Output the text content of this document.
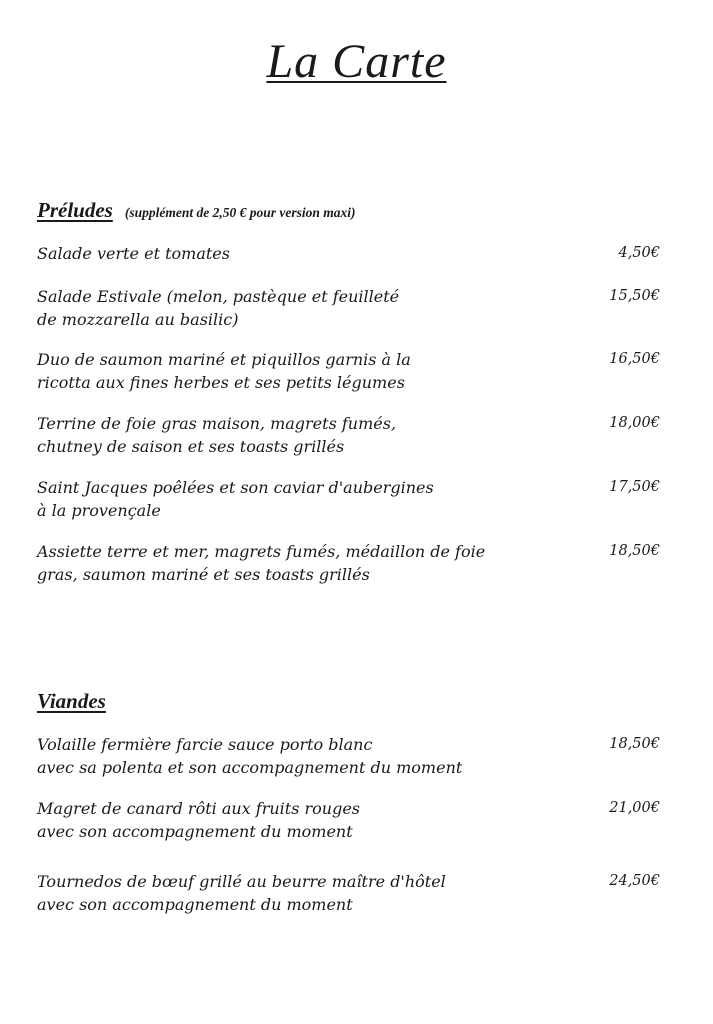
La Carte
Préludes (supplément de 2,50 € pour version maxi)
Salade verte et tomates	4,50€
Salade Estivale (melon, pastèque et feuilleté
de mozzarella au basilic)
15,50€
Duo de saumon mariné et piquillos garnis à la
ricotta aux fines herbes et ses petits légumes
16,50€
Terrine de foie gras maison, magrets fumés,
chutney de saison et ses toasts grillés
18,00€
Saint Jacques poêlées et son caviar d'aubergines
à la provençale
17,50€
Assiette terre et mer, magrets fumés, médaillon de foie
gras, saumon mariné et ses toasts grillés
18,50€
Viandes
Volaille fermière farcie sauce porto blanc
avec sa polenta et son accompagnement du moment
18,50€
Magret de canard rôti aux fruits rouges
avec son accompagnement du moment
21,00€
Tournedos de bœuf grillé au beurre maître d'hôtel
avec son accompagnement du moment
24,50€
